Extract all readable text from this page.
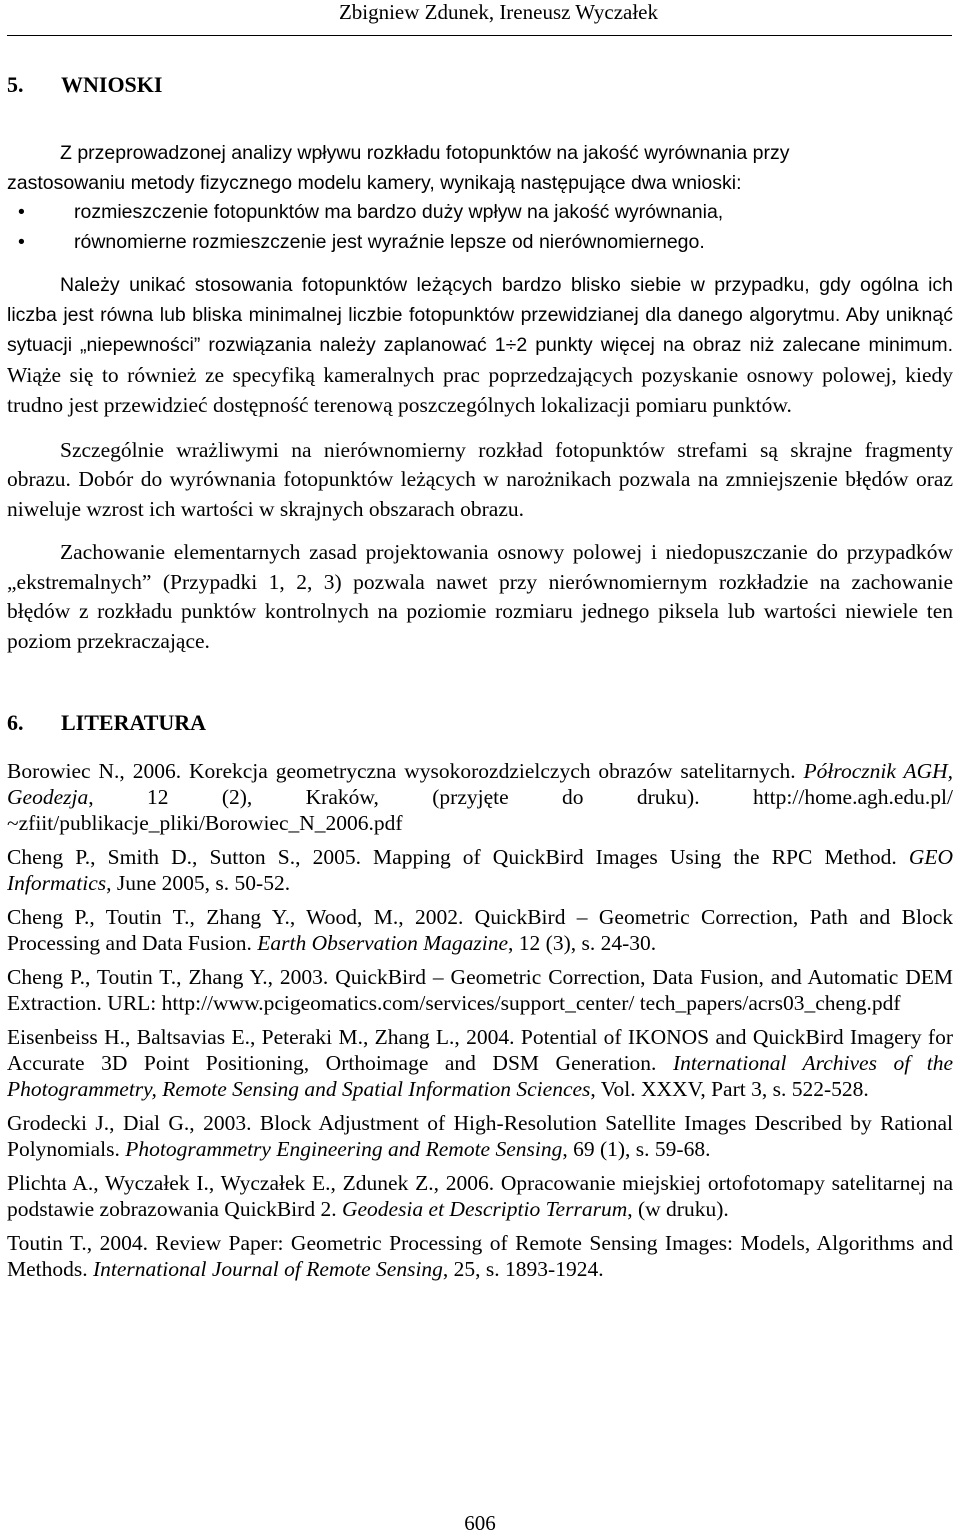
Zbigniew Zdunek, Ireneusz Wyczałek
5. WNIOSKI

Z przeprowadzonej analizy wpływu rozkładu fotopunktów na jakość wyrównania przy

zastosowaniu metody fizycznego modelu kamery, wynikają następujące dwa wnioski:

•	rozmieszczenie fotopunktów ma bardzo duży wpływ na jakość wyrównania,
•	równomierne rozmieszczenie jest wyraźnie lepsze od nierównomiernego.

Należy unikać stosowania fotopunktów leżących bardzo blisko siebie w przypadku, gdy ogólna ich liczba jest równa lub bliska minimalnej liczbie fotopunktów przewidzianej dla danego algorytmu. Aby uniknąć sytuacji „niepewności” rozwiązania należy zaplanować 1÷2 punkty więcej na obraz niż zalecane minimum. Wiąże się to również ze specyfiką kameralnych prac poprzedzających pozyskanie osnowy polowej, kiedy trudno jest przewidzieć dostępność terenową poszczególnych lokalizacji pomiaru punktów.

Szczególnie wrażliwymi na nierównomierny rozkład fotopunktów strefami są skrajne fragmenty obrazu. Dobór do wyrównania fotopunktów leżących w narożnikach pozwala na zmniejszenie błędów oraz niweluje wzrost ich wartości w skrajnych obszarach obrazu.

Zachowanie elementarnych zasad projektowania osnowy polowej i niedopuszczanie do przypadków „ekstremalnych” (Przypadki 1, 2, 3) pozwala nawet przy nierównomiernym rozkładzie na zachowanie błędów z rozkładu punktów kontrolnych na poziomie rozmiaru jednego piksela lub wartości niewiele ten poziom przekraczające.

6. LITERATURA

Borowiec N., 2006. Korekcja geometryczna wysokorozdzielczych obrazów satelitarnych. Półrocznik AGH, Geodezja, 12 (2), Kraków, (przyjęte do druku). http://home.agh.edu.pl/ ~zfiit/publikacje_pliki/Borowiec_N_2006.pdf

Cheng P., Smith D., Sutton S., 2005. Mapping of QuickBird Images Using the RPC Method. GEO Informatics, June 2005, s. 50-52.

Cheng P., Toutin T., Zhang Y., Wood, M., 2002. QuickBird – Geometric Correction, Path and Block Processing and Data Fusion. Earth Observation Magazine, 12 (3), s. 24-30.

Cheng P., Toutin T., Zhang Y., 2003. QuickBird – Geometric Correction, Data Fusion, and Automatic DEM Extraction. URL: http://www.pcigeomatics.com/services/support_center/ tech_papers/acrs03_cheng.pdf

Eisenbeiss H., Baltsavias E., Peteraki M., Zhang L., 2004. Potential of IKONOS and QuickBird Imagery for Accurate 3D Point Positioning, Orthoimage and DSM Generation. International Archives of the Photogrammetry, Remote Sensing and Spatial Information Sciences, Vol. XXXV, Part 3, s. 522-528.

Grodecki J., Dial G., 2003. Block Adjustment of High-Resolution Satellite Images Described by Rational Polynomials. Photogrammetry Engineering and Remote Sensing, 69 (1), s. 59-68.

Plichta A., Wyczałek I., Wyczałek E., Zdunek Z., 2006. Opracowanie miejskiej ortofotomapy satelitarnej na podstawie zobrazowania QuickBird 2. Geodesia et Descriptio Terrarum, (w druku).

Toutin T., 2004. Review Paper: Geometric Processing of Remote Sensing Images: Models, Algorithms and Methods. International Journal of Remote Sensing, 25, s. 1893-1924.

606
